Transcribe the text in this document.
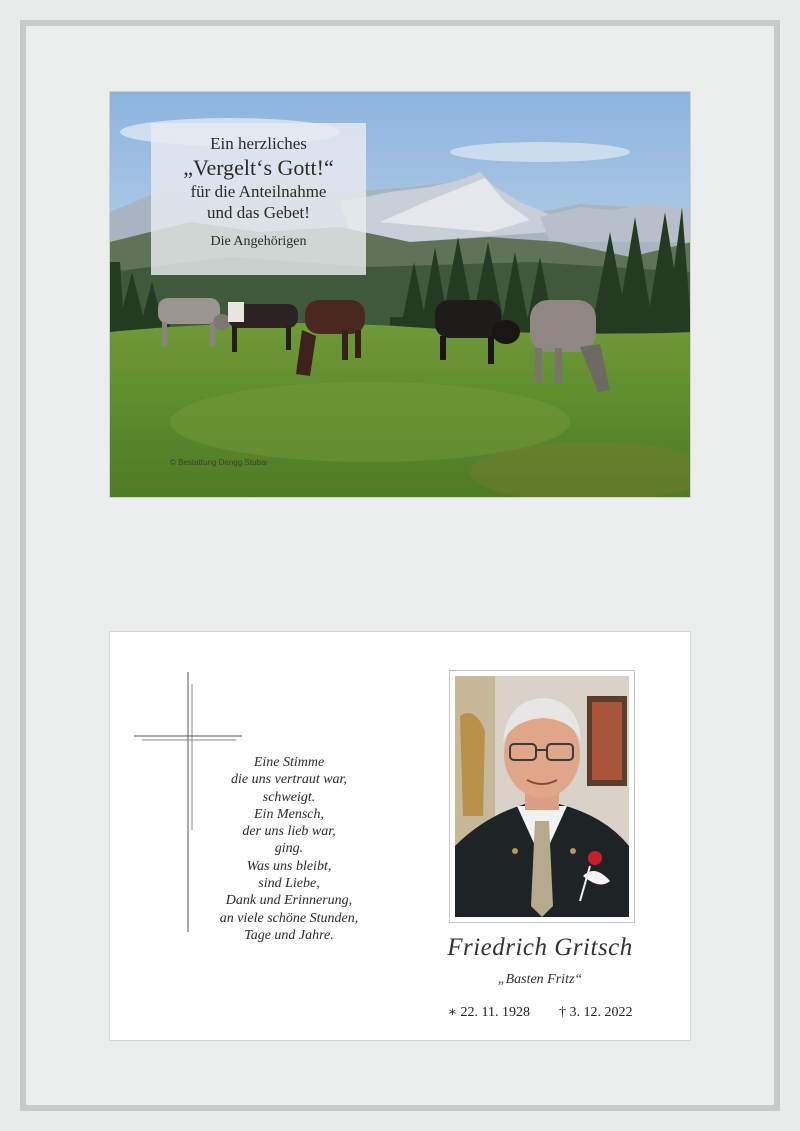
Ein herzliches
„Vergelt‘s Gott!“
für die Anteilnahme
und das Gebet!
Die Angehörigen
© Bestattung Dengg Stubai
Eine Stimme
die uns vertraut war,
schweigt.
Ein Mensch,
der uns lieb war,
ging.
Was uns bleibt,
sind Liebe,
Dank und Erinnerung,
an viele schöne Stunden,
Tage und Jahre.	Friedrich Gritsch
„Basten Fritz“
∗ 22. 11. 1928 † 3. 12. 2022
